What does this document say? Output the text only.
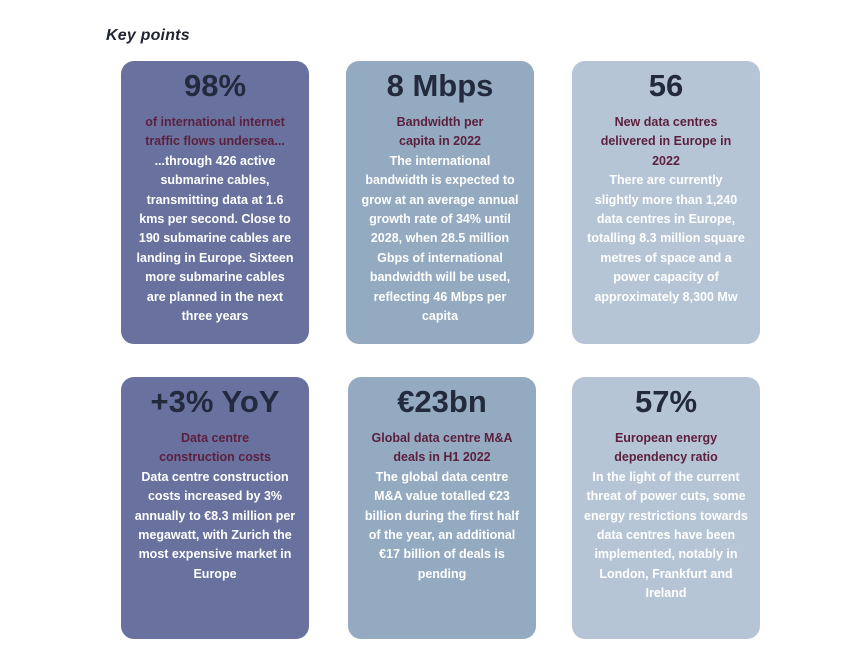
Key points
98%
of international internet traffic flows undersea...
...through 426 active submarine cables, transmitting data at 1.6 kms per second. Close to 190 submarine cables are landing in Europe. Sixteen more submarine cables are planned in the next three years
8 Mbps
Bandwidth per capita in 2022
The international bandwidth is expected to grow at an average annual growth rate of 34% until 2028, when 28.5 million Gbps of international bandwidth will be used, reflecting 46 Mbps per capita
56
New data centres delivered in Europe in 2022
There are currently slightly more than 1,240 data centres in Europe, totalling 8.3 million square metres of space and a power capacity of approximately 8,300 Mw
+3% YoY
Data centre construction costs
Data centre construction costs increased by 3% annually to €8.3 million per megawatt, with Zurich the most expensive market in Europe
€23bn
Global data centre M&A deals in H1 2022
The global data centre M&A value totalled €23 billion during the first half of the year, an additional €17 billion of deals is pending
57%
European energy dependency ratio
In the light of the current threat of power cuts, some energy restrictions towards data centres have been implemented, notably in London, Frankfurt and Ireland
